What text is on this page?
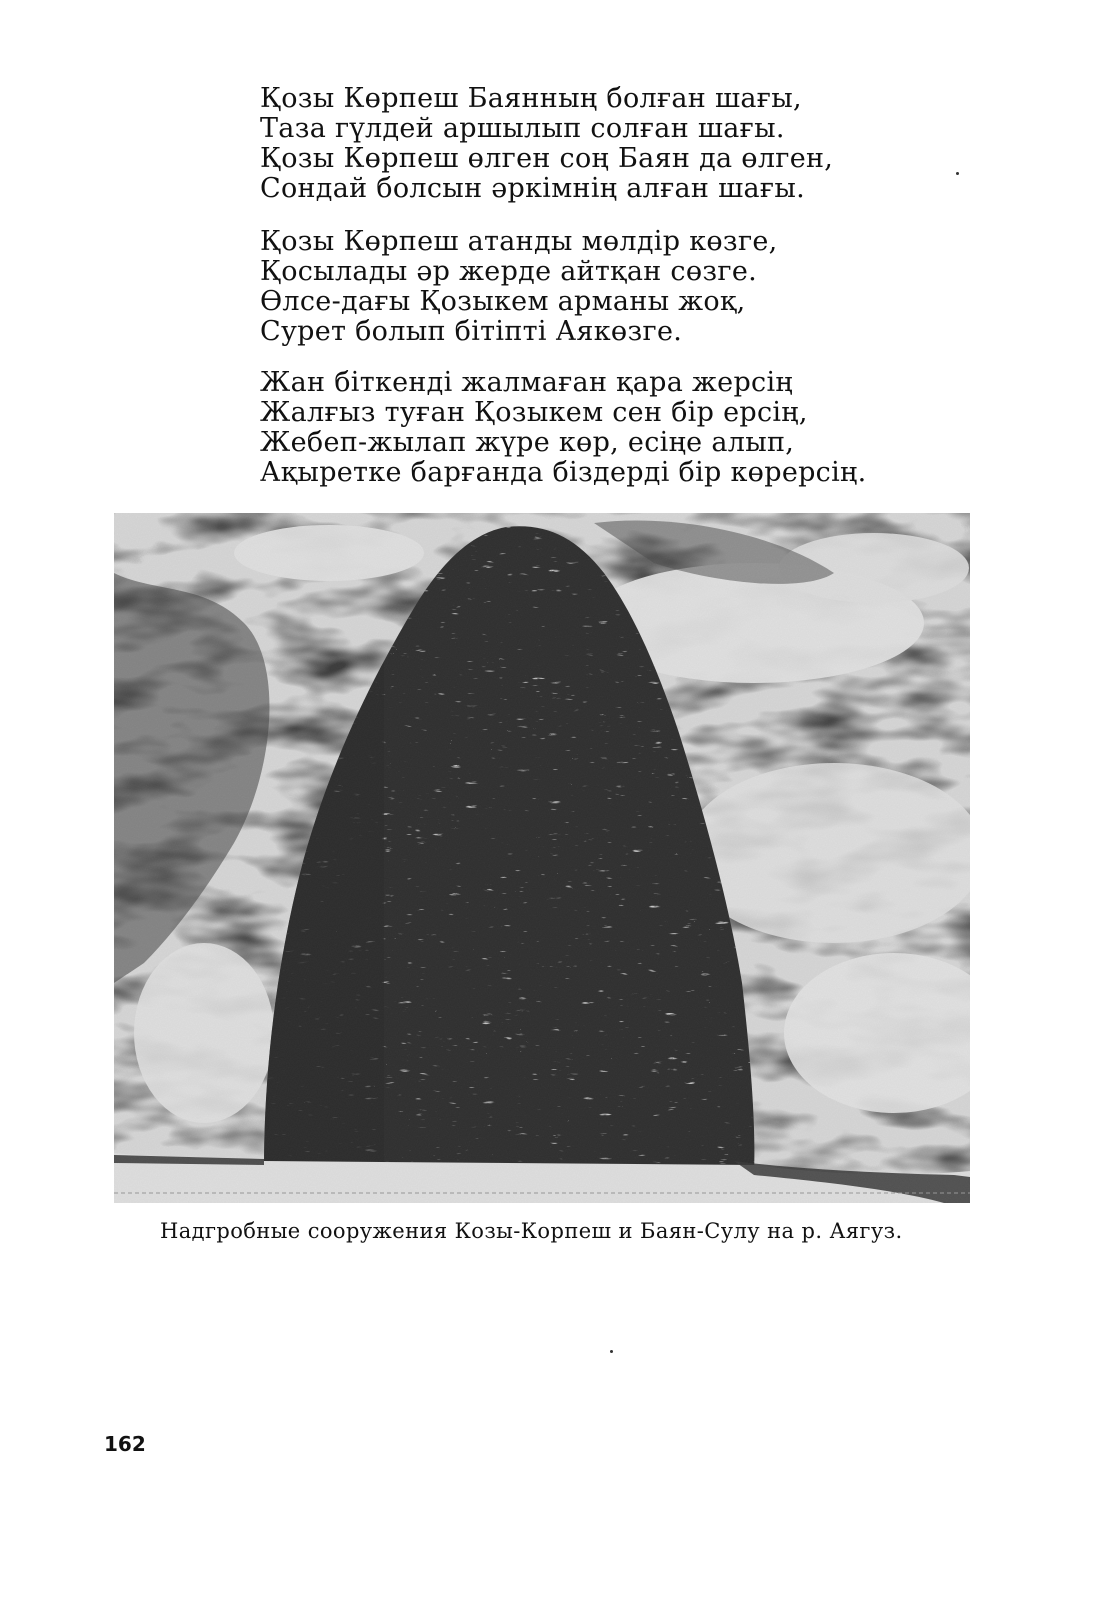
Қозы Көрпеш Баянның болған шағы,
Таза гүлдей аршылып солған шағы.
Қозы Көрпеш өлген соң Баян да өлген,
Сондай болсын әркімнің алған шағы.
Қозы Көрпеш атанды мөлдір көзге,
Қосылады әр жерде айтқан сөзге.
Өлсе-дағы Қозыкем арманы жоқ,
Сурет болып бітіпті Аякөзге.
Жан біткенді жалмаған қара жерсің
Жалғыз туған Қозыкем сен бір ерсің,
Жебеп-жылап жүре көр, есіңе алып,
Ақыретке барғанда біздерді бір көрерсің.
Надгробные сооружения Козы-Корпеш и Баян-Сулу на р. Аягуз.
162
